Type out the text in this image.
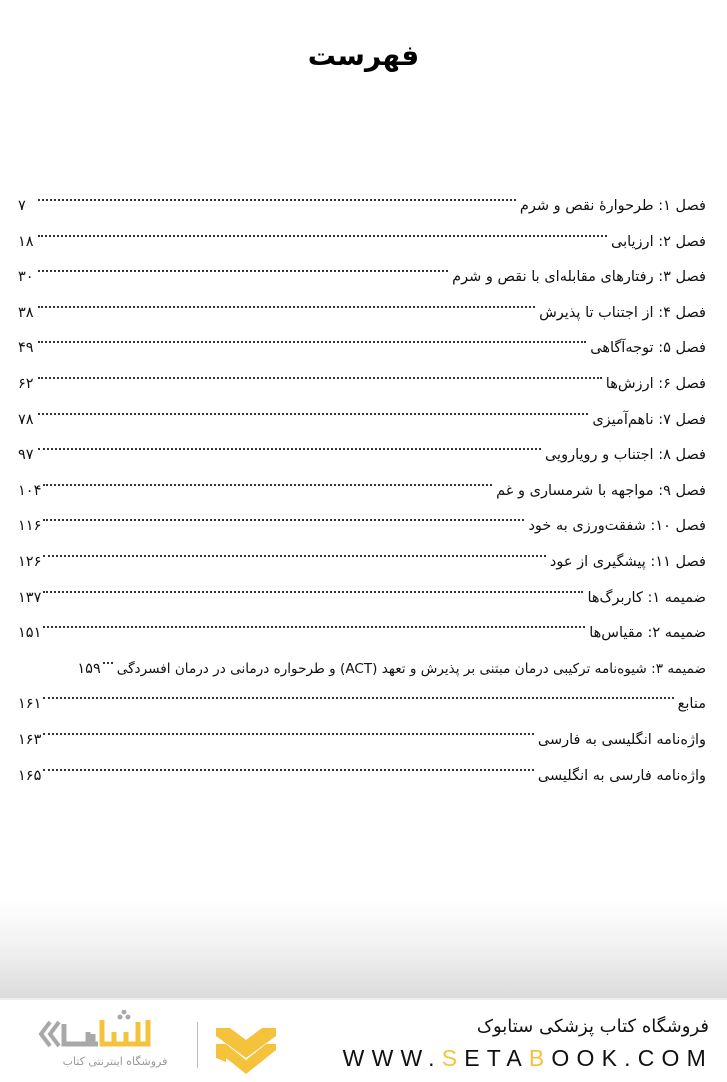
فهرست
فصل ۱: طرحوارهٔ نقص و شرم
۷
فصل ۲: ارزیابی
۱۸
فصل ۳: رفتارهای مقابله‌ای با نقص و شرم
۳۰
فصل ۴: از اجتناب تا پذیرش
۳۸
فصل ۵: توجه‌آگاهی
۴۹
فصل ۶: ارزش‌ها
۶۲
فصل ۷: ناهم‌آمیزی
۷۸
فصل ۸: اجتناب و رویارویی
۹۷
فصل ۹: مواجهه با شرمساری و غم
۱۰۴
فصل ۱۰: شفقت‌ورزی به خود
۱۱۶
فصل ۱۱: پیشگیری از عود
۱۲۶
ضمیمه ۱: کاربرگ‌ها
۱۳۷
ضمیمه ۲: مقیاس‌ها
۱۵۱
ضمیمه ۳: شیوه‌نامه ترکیبی درمان مبتنی بر پذیرش و تعهد (ACT) و طرحواره درمانی در درمان افسردگی
۱۵۹
منابع
۱۶۱
واژه‌نامه انگلیسی به فارسی
۱۶۳
واژه‌نامه فارسی به انگلیسی
۱۶۵
فروشگاه کتاب پزشکی ستابوک
WWW.SETABOOK.COM
فروشگاه اینترنتی کتاب
